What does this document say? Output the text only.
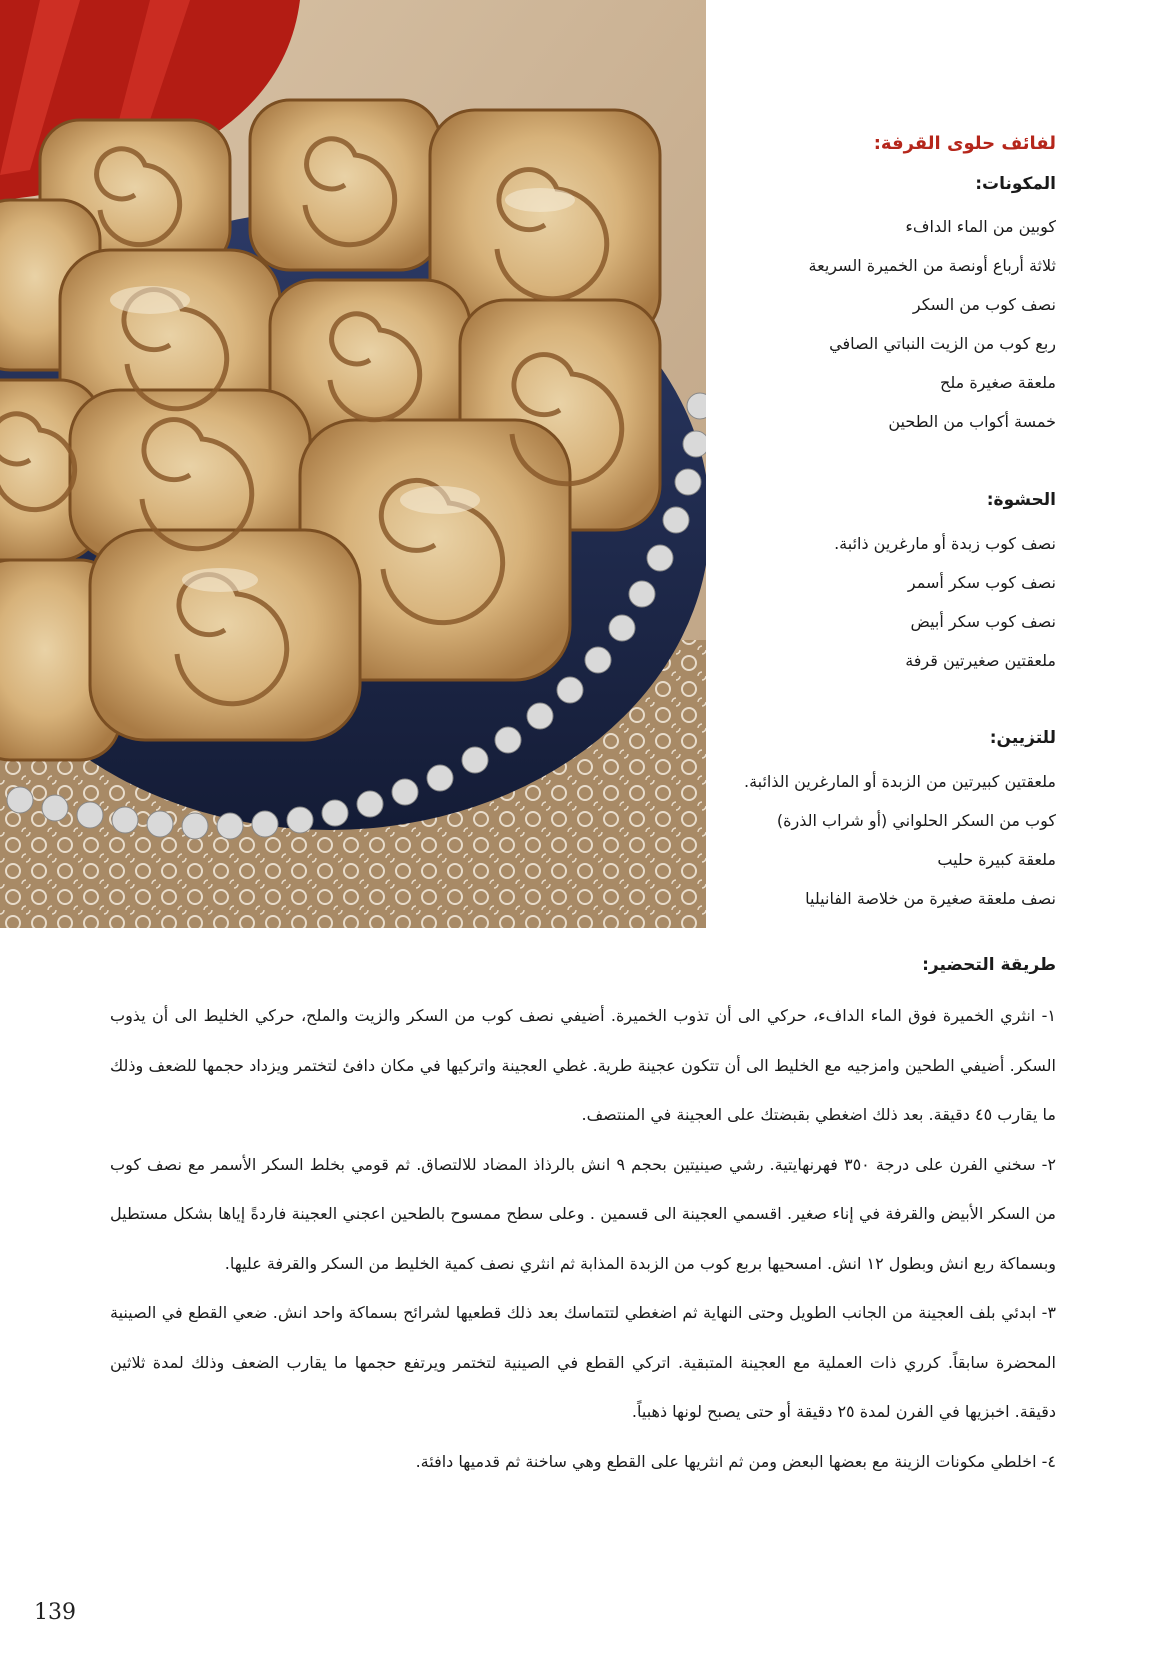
لفائف حلوى القرفة:
المكونات:
كوبين من الماء الدافء
ثلاثة أرباع أونصة من الخميرة السريعة
نصف كوب من السكر
ربع كوب من الزيت النباتي الصافي
ملعقة صغيرة ملح
خمسة أكواب من الطحين
الحشوة:
نصف كوب زبدة أو مارغرين ذائبة.
نصف كوب سكر أسمر
نصف كوب سكر أبيض
ملعقتين صغيرتين قرفة
للتزيين:
ملعقتين كبيرتين من الزبدة أو المارغرين الذائبة.
كوب من السكر الحلواني (أو شراب الذرة)
ملعقة كبيرة حليب
نصف ملعقة صغيرة من خلاصة الفانيليا
طريقة التحضير:

١- انثري الخميرة فوق الماء الدافء، حركي الى أن تذوب الخميرة. أضيفي نصف كوب من السكر والزيت والملح، حركي الخليط الى أن يذوب السكر. أضيفي الطحين وامزجيه مع الخليط الى أن تتكون عجينة طرية. غطي العجينة واتركيها في مكان دافئ لتختمر ويزداد حجمها للضعف وذلك ما يقارب ٤٥ دقيقة. بعد ذلك اضغطي بقبضتك على العجينة في المنتصف.

٢- سخني الفرن على درجة ٣٥٠ فهرنهايتية. رشي صينيتين بحجم ٩ انش بالرذاذ المضاد للالتصاق. ثم قومي بخلط السكر الأسمر مع نصف كوب من السكر الأبيض والقرفة في إناء صغير. اقسمي العجينة الى قسمين . وعلى سطح ممسوح بالطحين اعجني العجينة فاردةً إياها بشكل مستطيل وبسماكة ربع انش وبطول ١٢ انش. امسحيها بربع كوب من الزبدة المذابة ثم انثري نصف كمية الخليط من السكر والقرفة عليها.

٣- ابدئي بلف العجينة من الجانب الطويل وحتى النهاية ثم اضغطي لتتماسك بعد ذلك قطعيها لشرائح بسماكة واحد انش. ضعي القطع في الصينية المحضرة سابقاً. كرري ذات العملية مع العجينة المتبقية. اتركي القطع في الصينية لتختمر ويرتفع حجمها ما يقارب الضعف وذلك لمدة ثلاثين دقيقة. اخبزيها في الفرن لمدة ٢٥ دقيقة أو حتى يصبح لونها ذهبياً.

٤- اخلطي مكونات الزينة مع بعضها البعض ومن ثم انثريها على القطع وهي ساخنة ثم قدميها دافئة.

139
